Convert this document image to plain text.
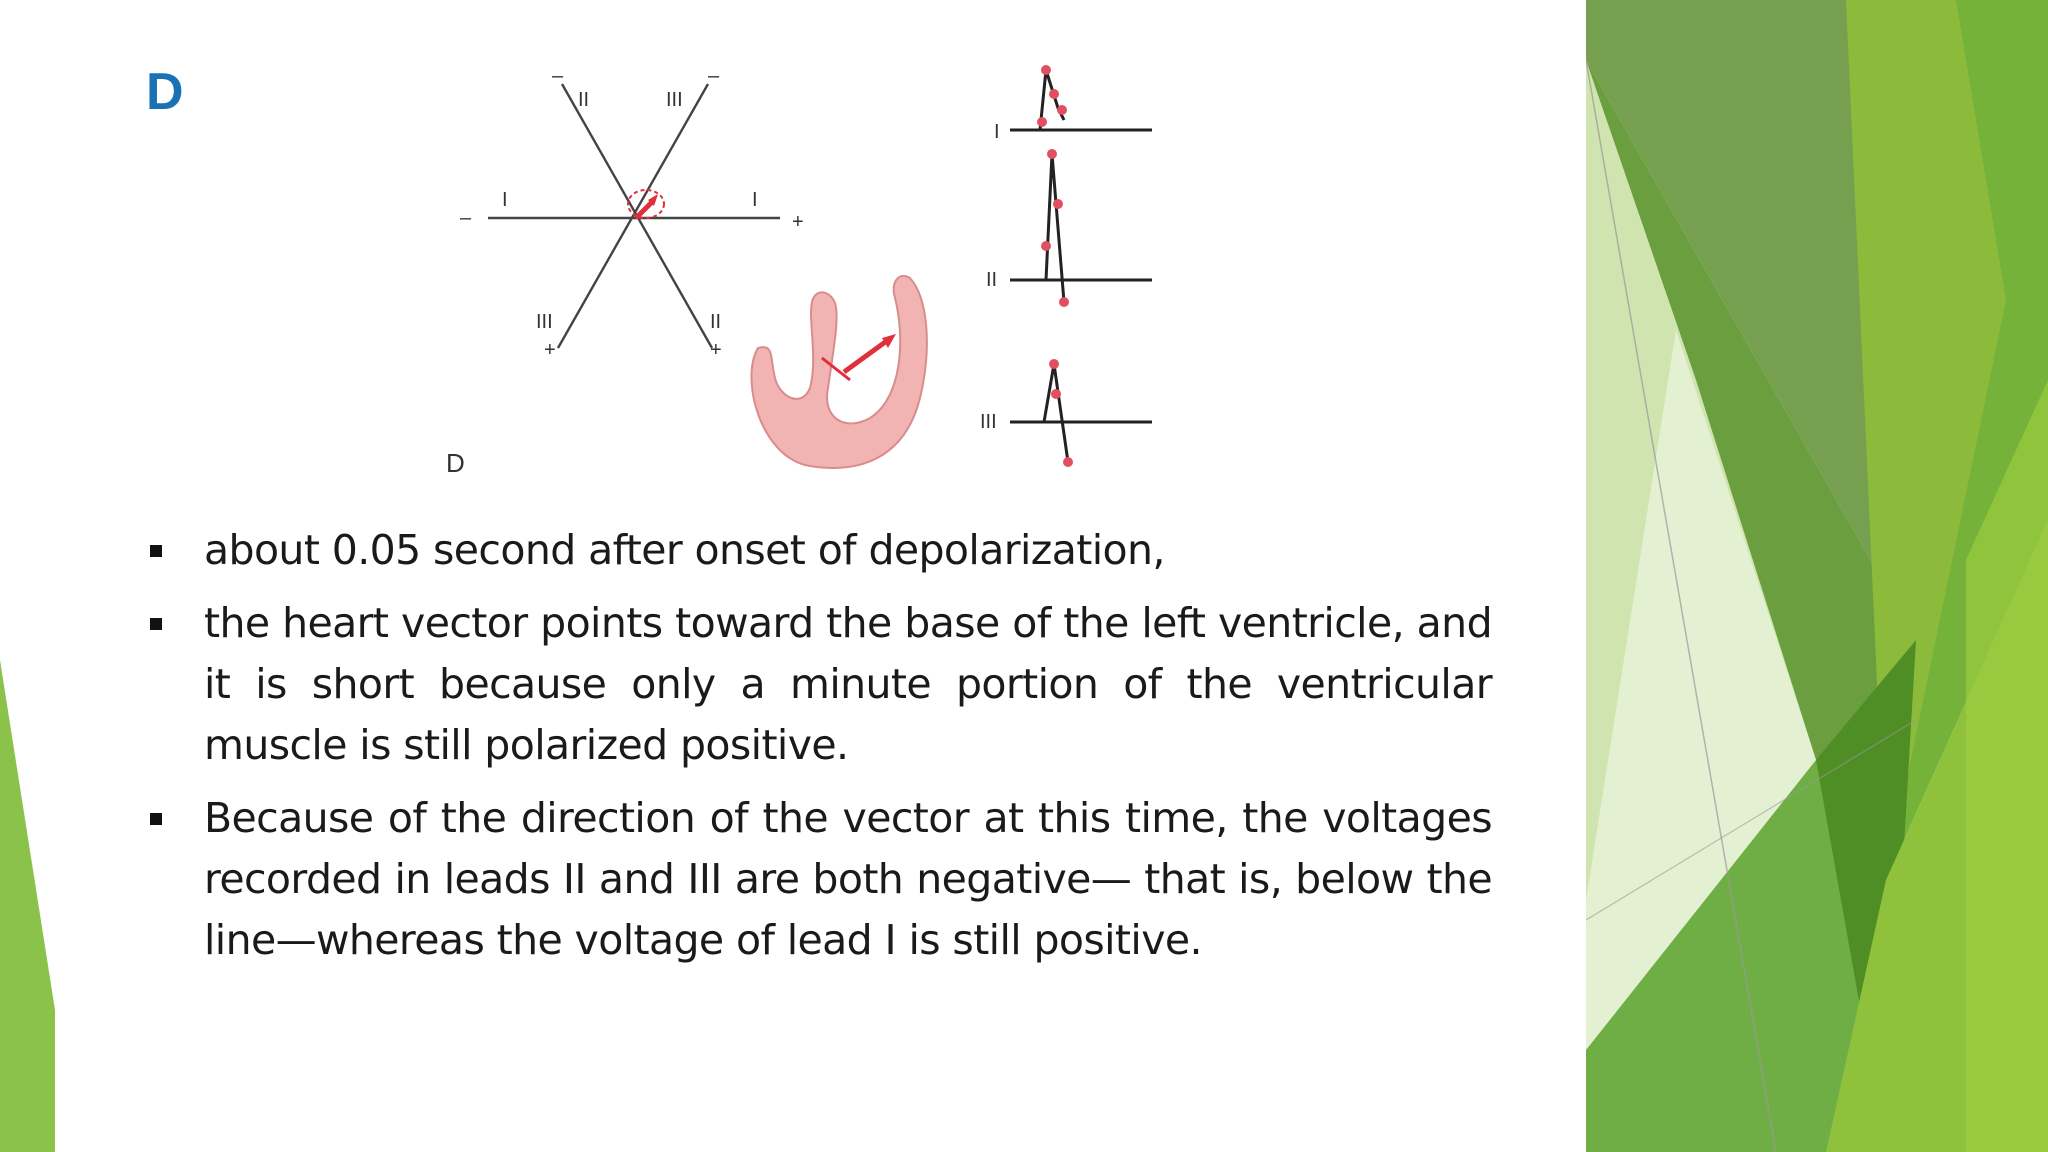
D
I	I
–	+
II	III
III	II
–	–
+	+
D
I
II
III
about 0.05 second after onset of depolarization,
the heart vector points toward the base of the left ventricle, and it is short because only a minute portion of the ventricular muscle is still polarized positive.
Because of the direction of the vector at this time, the voltages recorded in leads II and III are both negative— that is, below the line—whereas the voltage of lead I is still positive.
